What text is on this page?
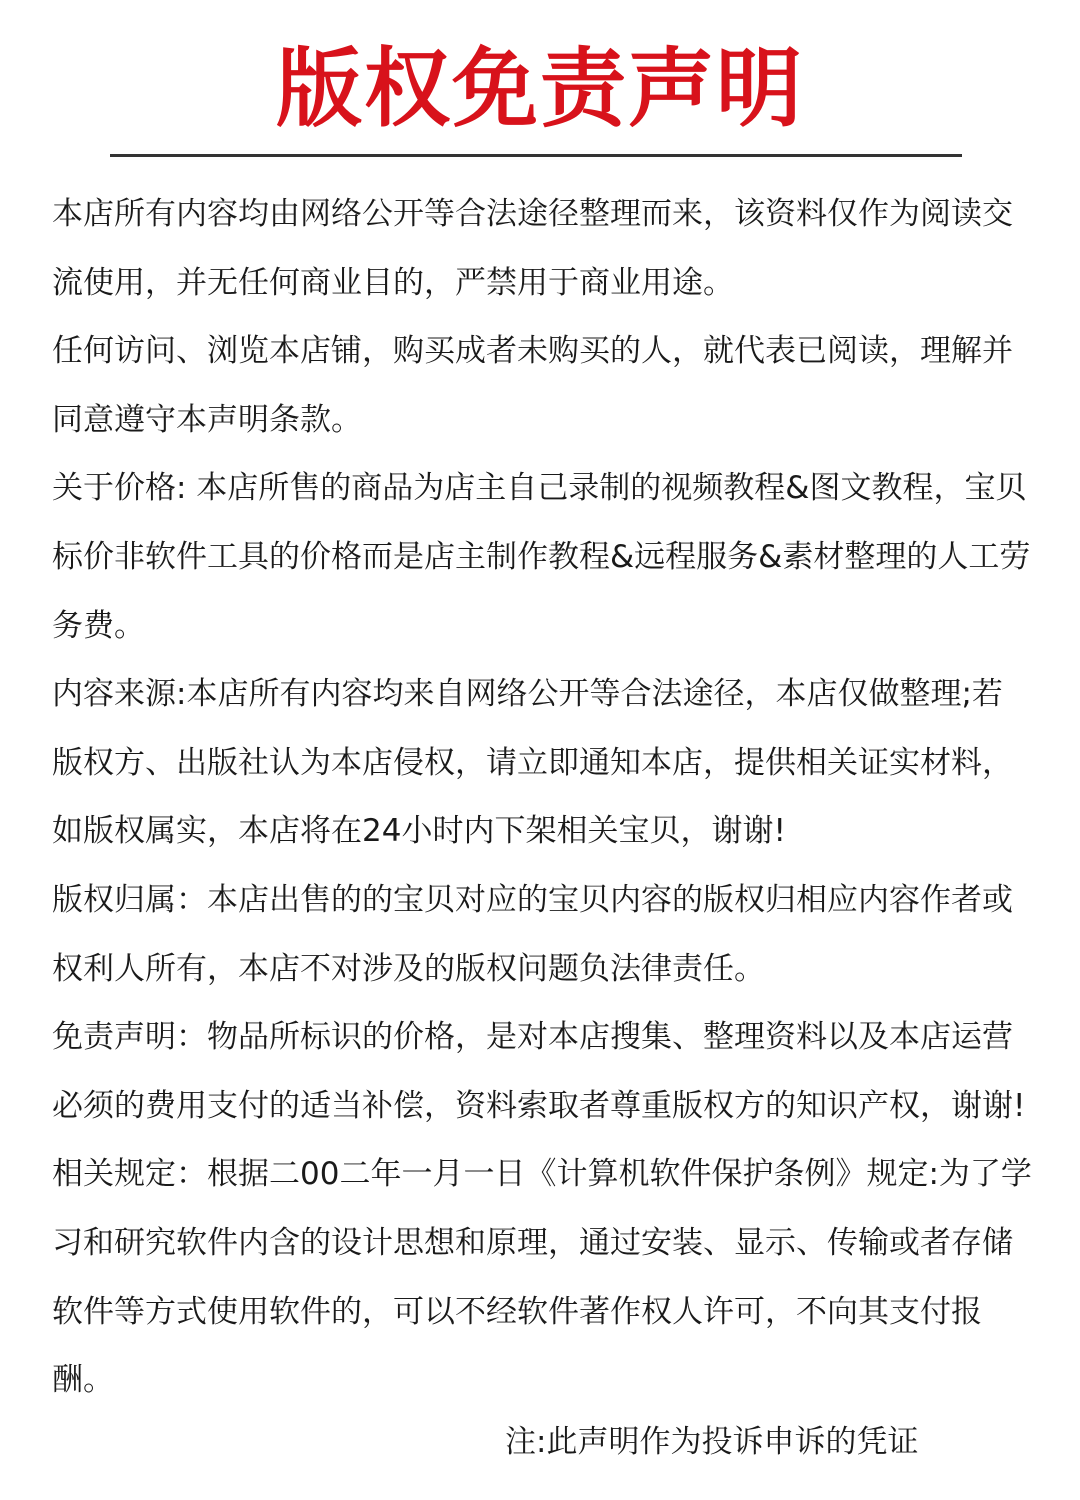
版权免责声明
本店所有内容均由网络公开等合法途径整理而来，该资料仅作为阅读交
流使用，并无任何商业目的，严禁用于商业用途。
任何访问、浏览本店铺，购买成者未购买的人，就代表已阅读，理解并
同意遵守本声明条款。
关于价格: 本店所售的商品为店主自己录制的视频教程&图文教程，宝贝
标价非软件工具的价格而是店主制作教程&远程服务&素材整理的人工劳
务费。
内容来源:本店所有内容均来自网络公开等合法途径，本店仅做整理;若
版权方、出版社认为本店侵权，请立即通知本店，提供相关证实材料，
如版权属实，本店将在24小时内下架相关宝贝，谢谢!
版权归属：本店出售的的宝贝对应的宝贝内容的版权归相应内容作者或
权利人所有，本店不对涉及的版权问题负法律责任。
免责声明：物品所标识的价格，是对本店搜集、整理资料以及本店运营
必须的费用支付的适当补偿，资料索取者尊重版权方的知识产权，谢谢!
相关规定：根据二00二年一月一日《计算机软件保护条例》规定:为了学
习和研究软件内含的设计思想和原理，通过安装、显示、传输或者存储
软件等方式使用软件的，可以不经软件著作权人许可，不向其支付报
酬。
注:此声明作为投诉申诉的凭证
